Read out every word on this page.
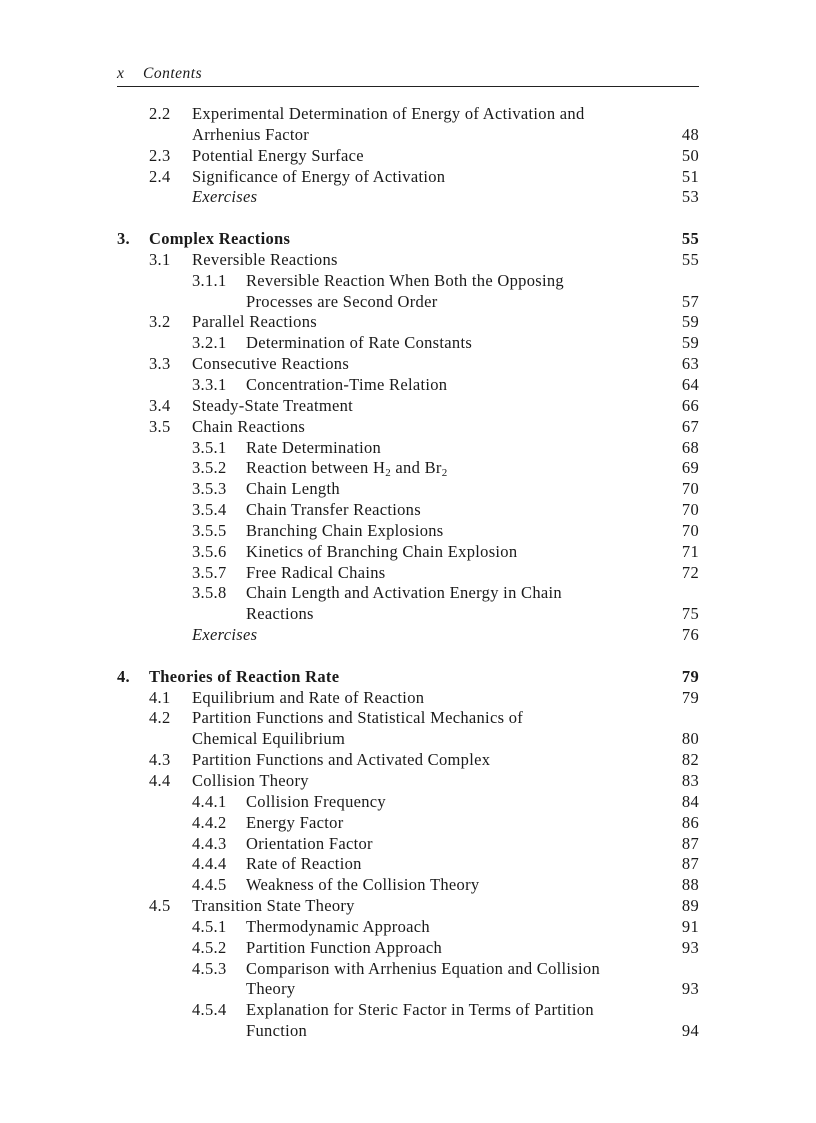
x Contents
2.2 Experimental Determination of Energy of Activation and
Arrhenius Factor	48
2.3 Potential Energy Surface	50
2.4 Significance of Energy of Activation	51
Exercises	53
3. Complex Reactions	55
3.1 Reversible Reactions	55
3.1.1 Reversible Reaction When Both the Opposing
Processes are Second Order	57
3.2 Parallel Reactions	59
3.2.1 Determination of Rate Constants	59
3.3 Consecutive Reactions	63
3.3.1 Concentration-Time Relation	64
3.4 Steady-State Treatment	66
3.5 Chain Reactions	67
3.5.1 Rate Determination	68
3.5.2 Reaction between $H_2$ and $Br_2$	69
3.5.3 Chain Length	70
3.5.4 Chain Transfer Reactions	70
3.5.5 Branching Chain Explosions	70
3.5.6 Kinetics of Branching Chain Explosion	71
3.5.7 Free Radical Chains	72
3.5.8 Chain Length and Activation Energy in Chain
Reactions	75
Exercises	76
4. Theories of Reaction Rate	79
4.1 Equilibrium and Rate of Reaction	79
4.2 Partition Functions and Statistical Mechanics of
Chemical Equilibrium	80
4.3 Partition Functions and Activated Complex	82
4.4 Collision Theory	83
4.4.1 Collision Frequency	84
4.4.2 Energy Factor	86
4.4.3 Orientation Factor	87
4.4.4 Rate of Reaction	87
4.4.5 Weakness of the Collision Theory	88
4.5 Transition State Theory	89
4.5.1 Thermodynamic Approach	91
4.5.2 Partition Function Approach	93
4.5.3 Comparison with Arrhenius Equation and Collision
Theory	93
4.5.4 Explanation for Steric Factor in Terms of Partition
Function	94
